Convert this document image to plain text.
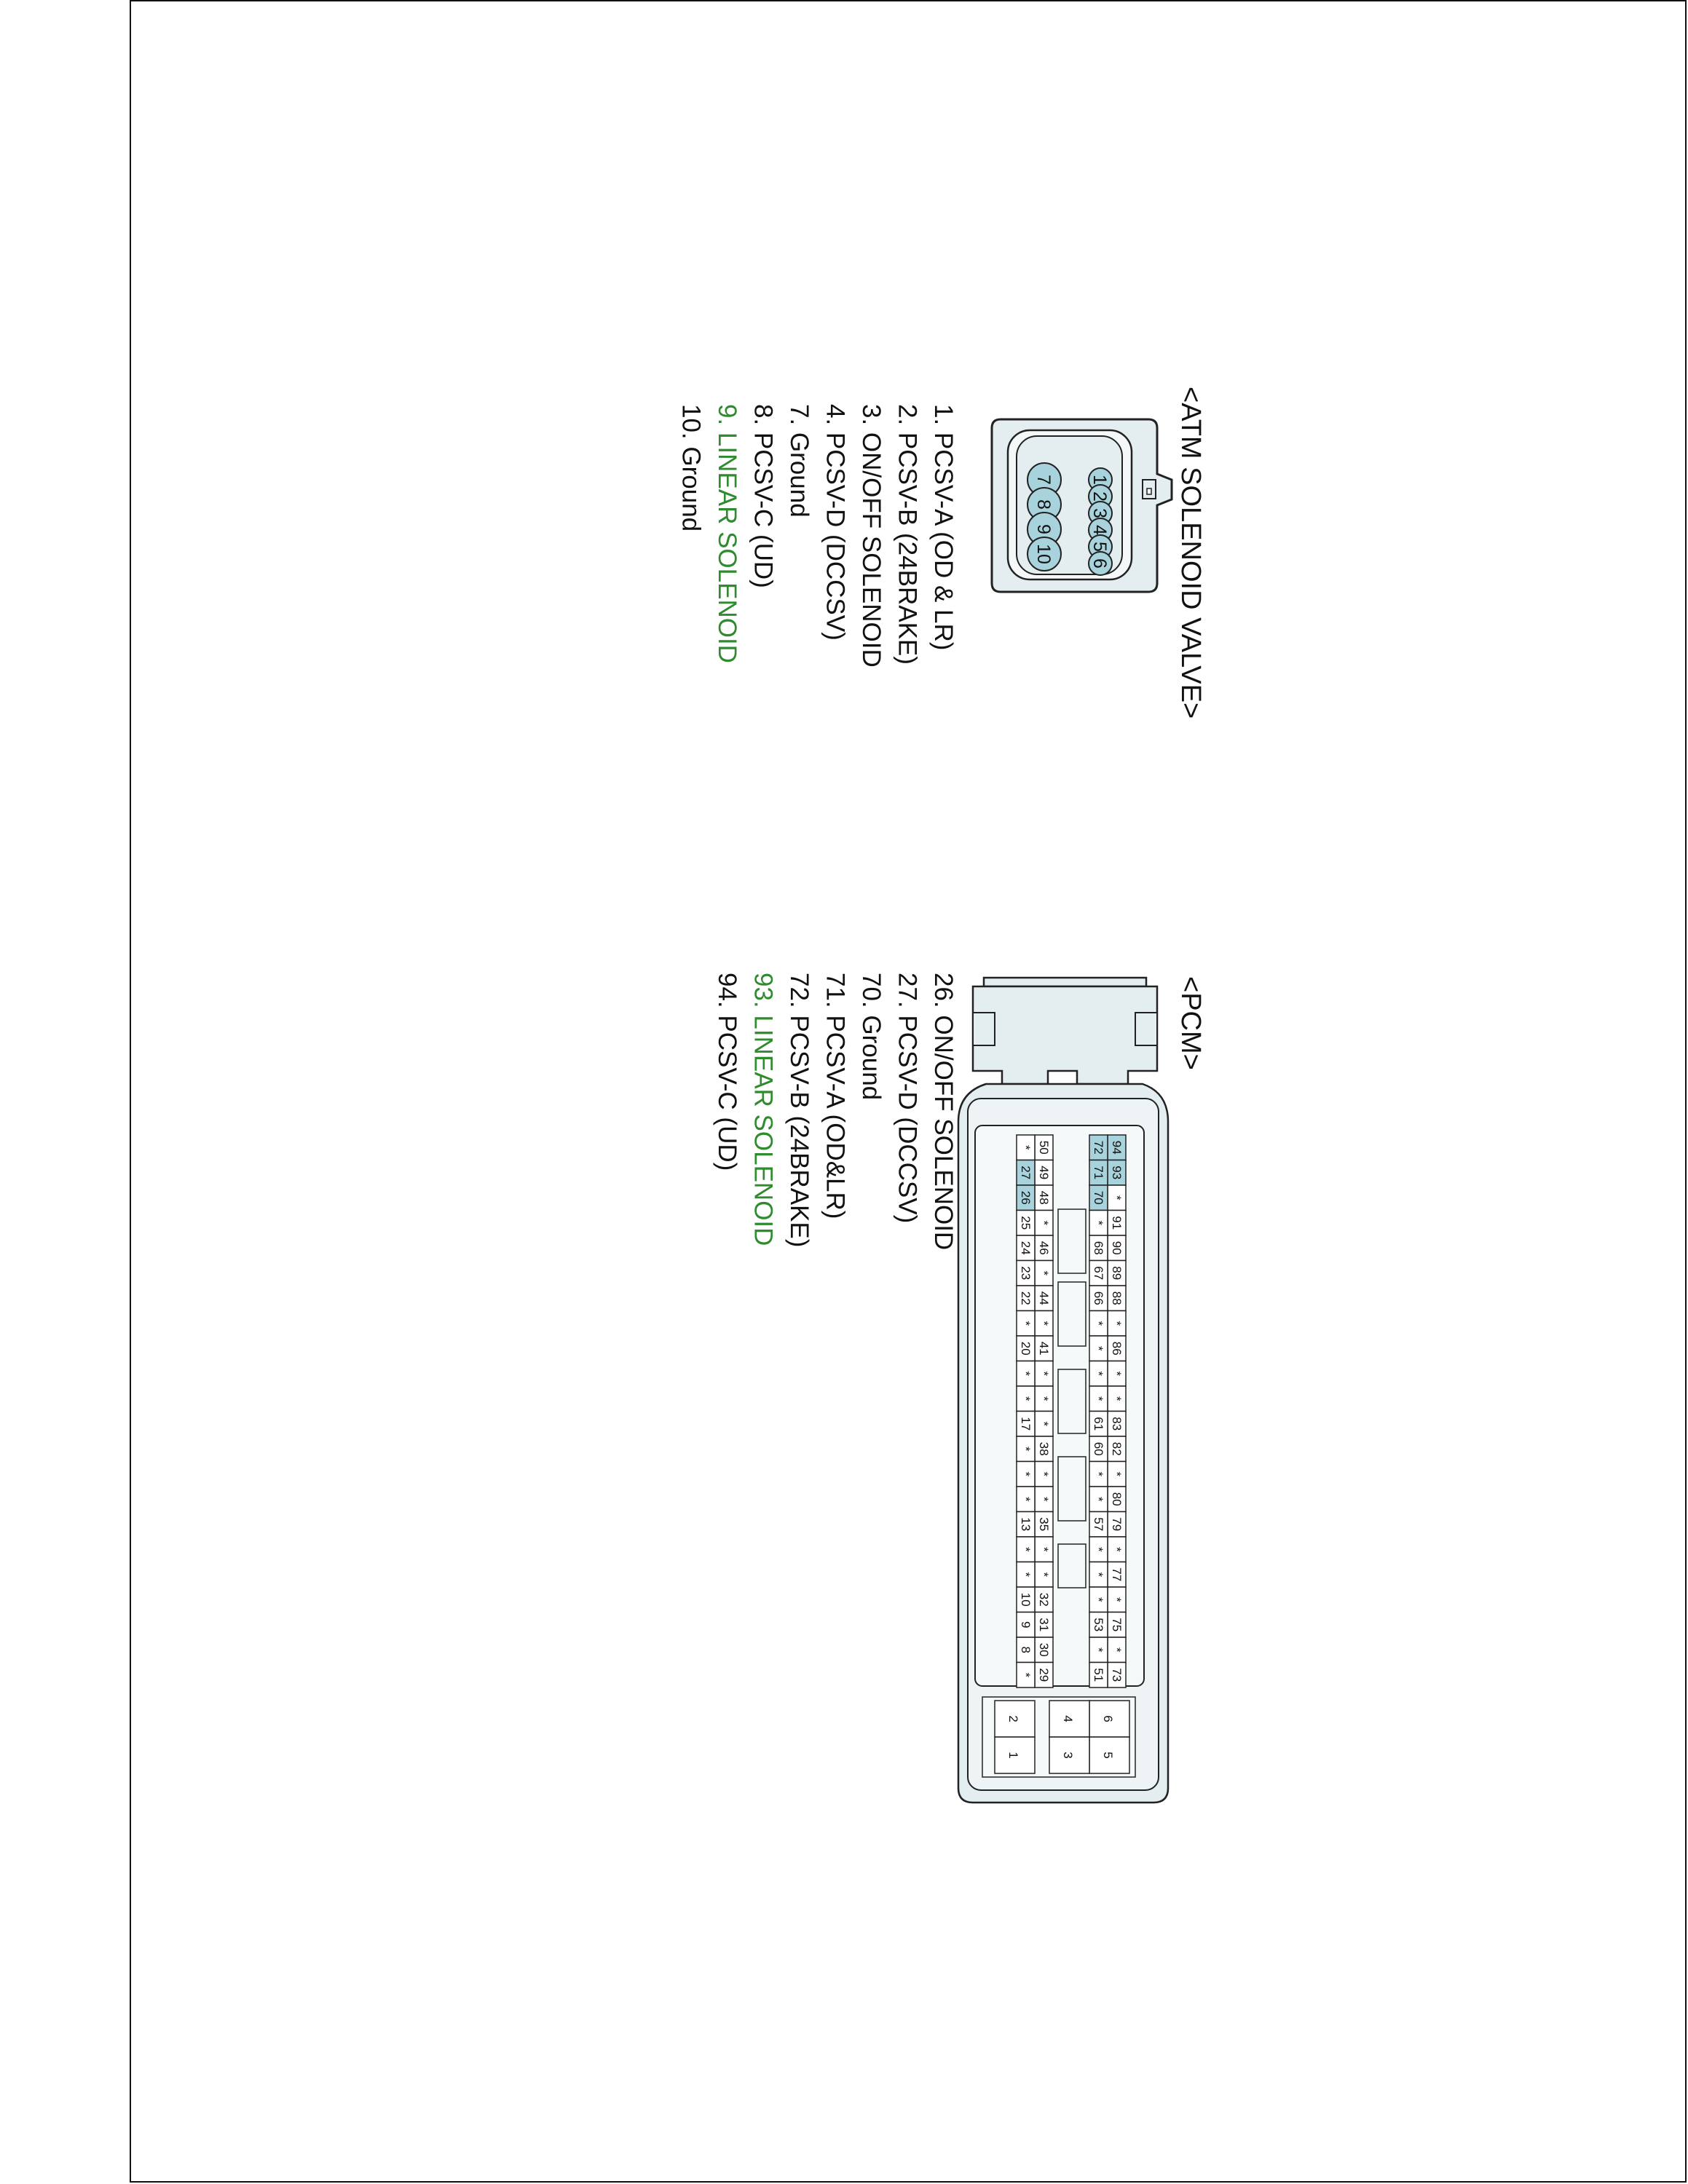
<ATM SOLENOID VALVE>
1
2
3
4
5
6
7
8
9
10
1. PCSV-A (OD & LR)
2. PCSV-B (24BRAKE)
3. ON/OFF SOLENOID
4. PCSV-D (DCCSV)
7. Ground
8. PCSV-C (UD)
9. LINEAR SOLENOID
10. Ground
<PCM>
94
93
*
91
90
89
88
*
86
*
*
83
82
*
80
79
*
77
*
75
*
73
72
71
70
*
68
67
66
*
*
*
*
61
60
*
*
57
*
*
*
53
*
51
50
49
48
*
46
*
44
*
41
*
*
*
38
*
*
35
*
*
32
31
30
29
*
27
26
25
24
23
22
*
20
*
*
17
*
*
*
13
*
*
10
9
8
*
6
5
4
3
2
1
26. ON/OFF SOLENOID
27. PCSV-D (DCCSV)
70. Ground
71. PCSV-A (OD&LR)
72. PCSV-B (24BRAKE)
93. LINEAR SOLENOID
94. PCSV-C (UD)
